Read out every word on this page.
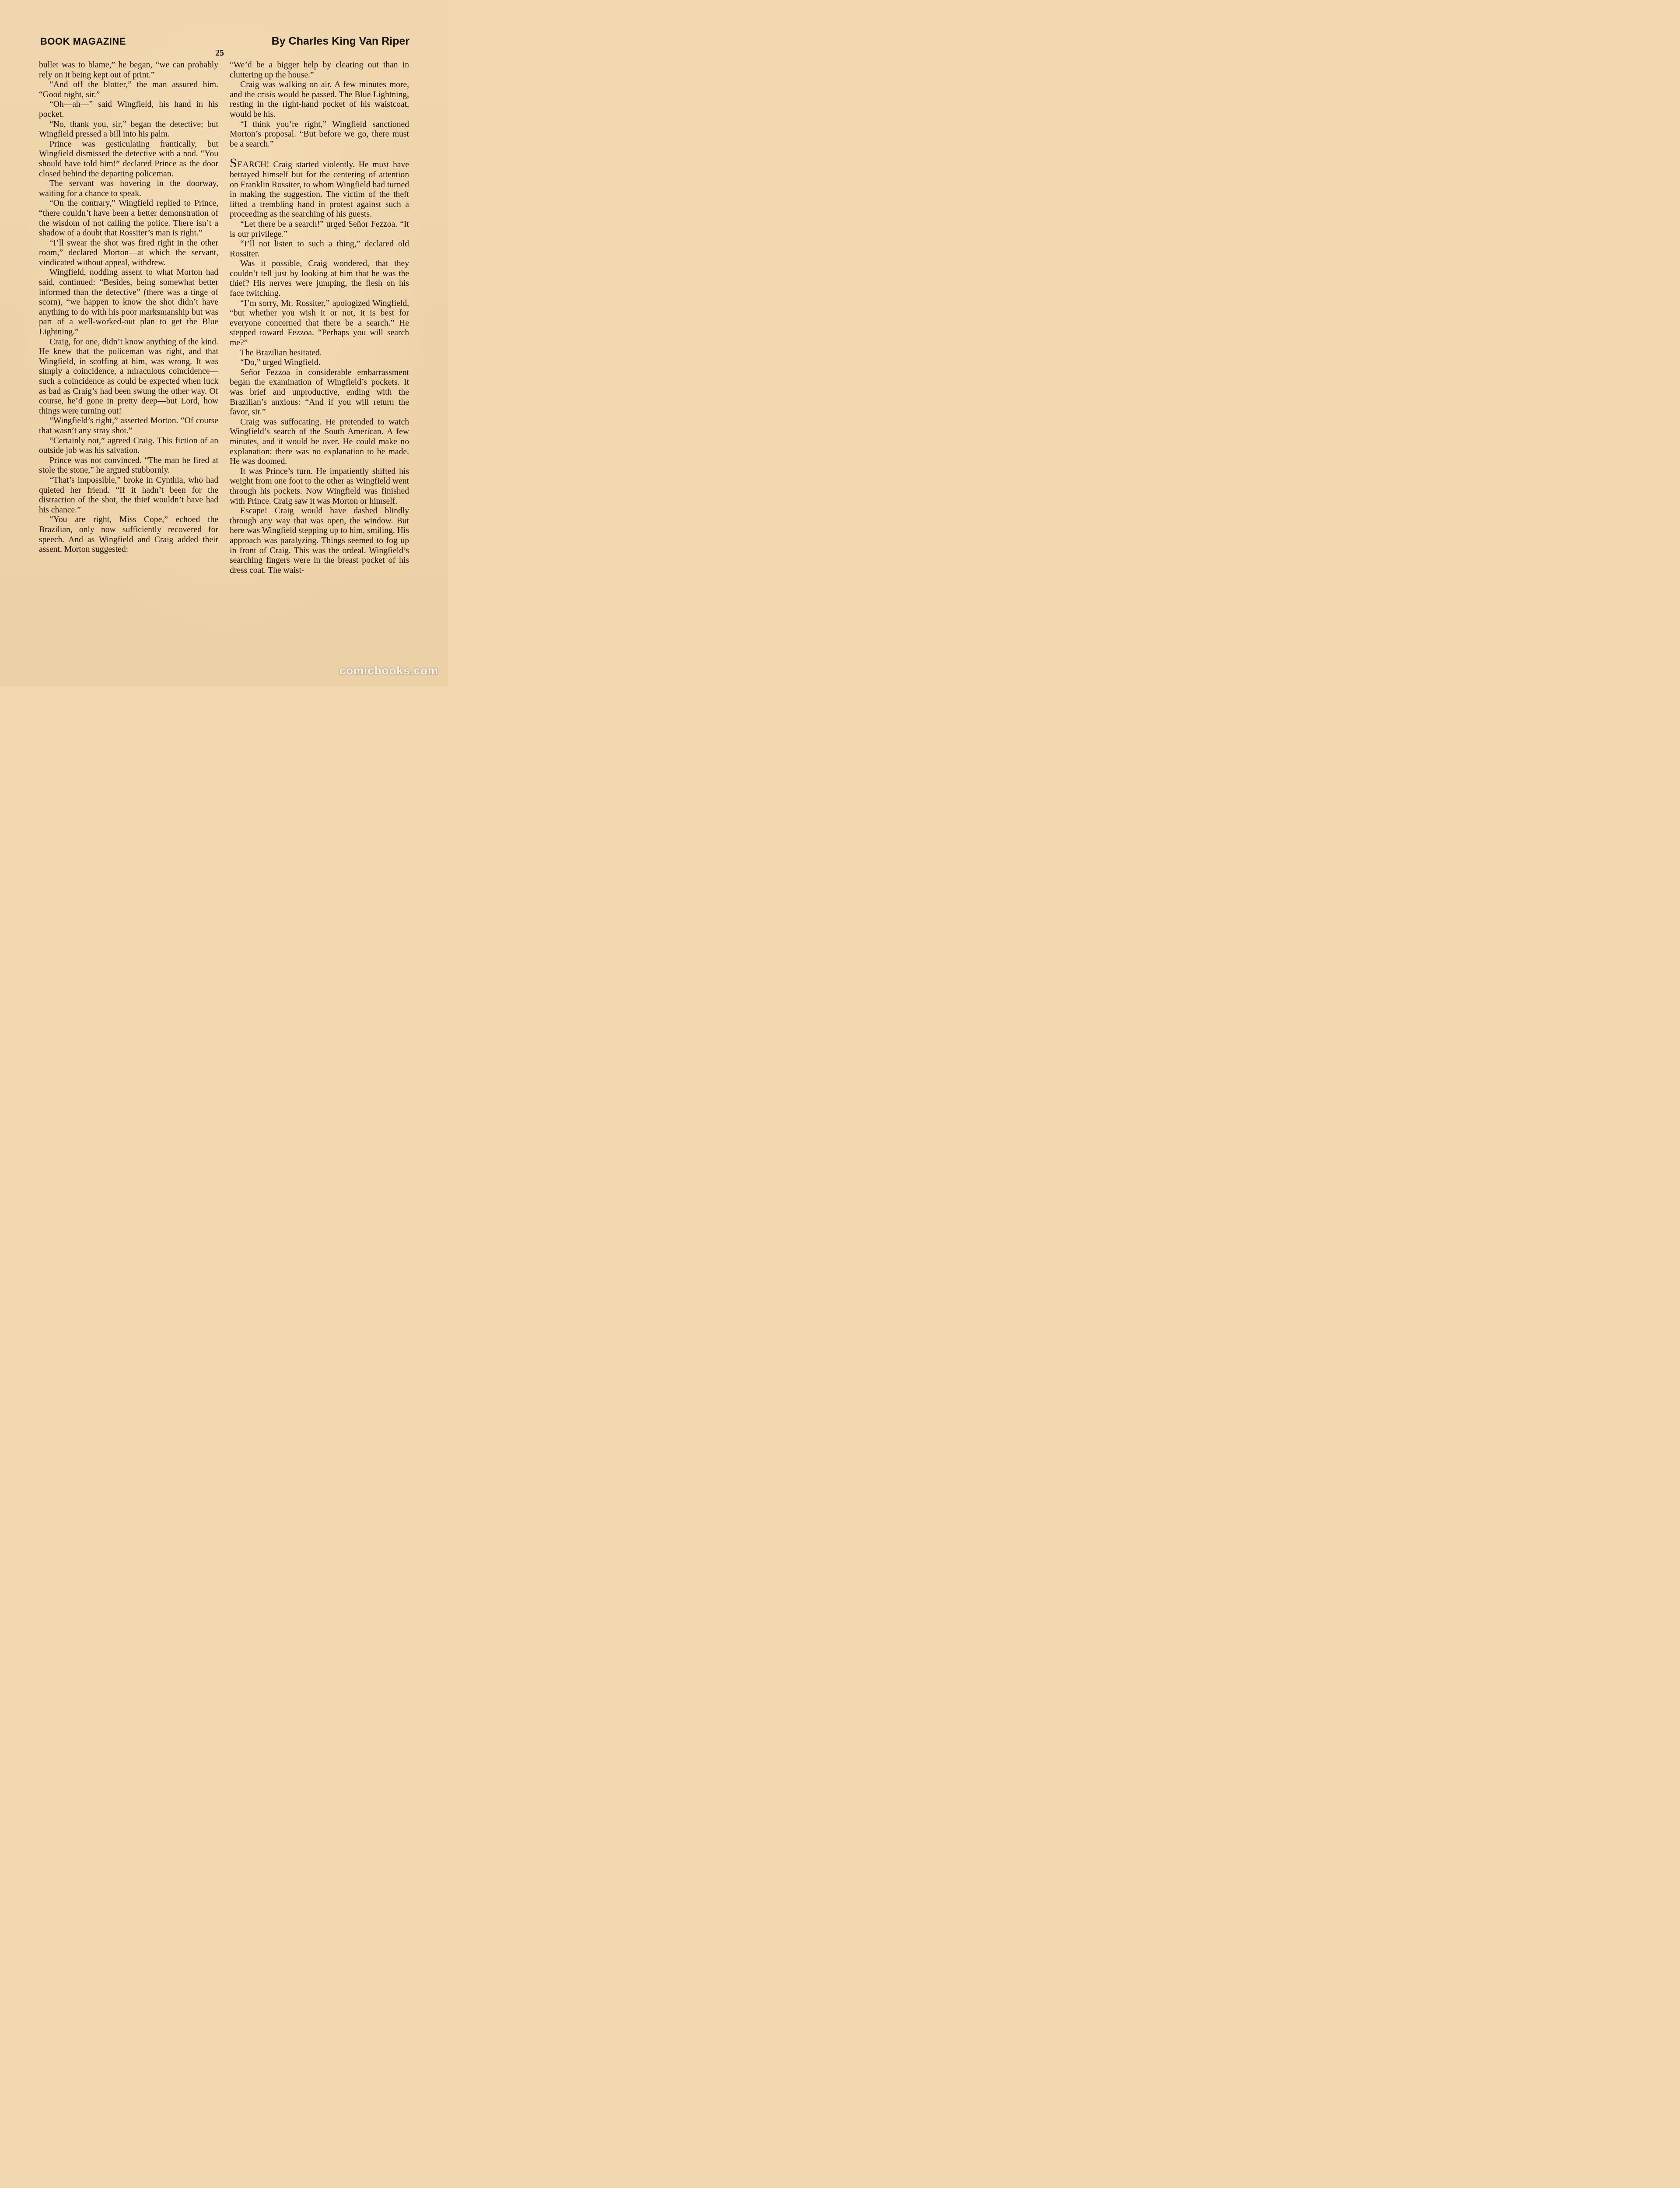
BOOK MAGAZINE	By Charles King Van Riper
25

bullet was to blame,” he began, “we can probably rely on it being kept out of print.”

“And off the blotter,” the man assured him. “Good night, sir.”

“Oh—ah—” said Wingfield, his hand in his pocket.

“No, thank you, sir,” began the detective; but Wingfield pressed a bill into his palm.

Prince was gesticulating frantically, but Wingfield dismissed the detective with a nod. “You should have told him!” declared Prince as the door closed behind the departing policeman.

The servant was hovering in the doorway, waiting for a chance to speak.

“On the contrary,” Wingfield replied to Prince, “there couldn’t have been a better demonstration of the wisdom of not calling the police. There isn’t a shadow of a doubt that Rossiter’s man is right.”

“I’ll swear the shot was fired right in the other room,” declared Morton—at which the servant, vindicated without appeal, withdrew.

Wingfield, nodding assent to what Morton had said, continued: “Besides, being somewhat better informed than the detective” (there was a tinge of scorn), “we happen to know the shot didn’t have anything to do with his poor marksmanship but was part of a well-worked-out plan to get the Blue Lightning.”

Craig, for one, didn’t know anything of the kind. He knew that the policeman was right, and that Wingfield, in scoffing at him, was wrong. It was simply a coincidence, a miraculous coincidence—such a coincidence as could be expected when luck as bad as Craig’s had been swung the other way. Of course, he’d gone in pretty deep—but Lord, how things were turning out!

“Wingfield’s right,” asserted Morton. “Of course that wasn’t any stray shot.”

“Certainly not,” agreed Craig. This fiction of an outside job was his salvation.

Prince was not convinced. “The man he fired at stole the stone,” he argued stubbornly.

“That’s impossible,” broke in Cynthia, who had quieted her friend. “If it hadn’t been for the distraction of the shot, the thief wouldn’t have had his chance.”

“You are right, Miss Cope,” echoed the Brazilian, only now sufficiently recovered for speech. And as Wingfield and Craig added their assent, Morton suggested:

“We’d be a bigger help by clearing out than in cluttering up the house.”

Craig was walking on air. A few minutes more, and the crisis would be passed. The Blue Lightning, resting in the right-hand pocket of his waistcoat, would be his.

“I think you’re right,” Wingfield sanctioned Morton’s proposal. “But before we go, there must be a search.”

SEARCH! Craig started violently. He must have betrayed himself but for the centering of attention on Franklin Rossiter, to whom Wingfield had turned in making the suggestion. The victim of the theft lifted a trembling hand in protest against such a proceeding as the searching of his guests.

“Let there be a search!” urged Señor Fezzoa. “It is our privilege.”

“I’ll not listen to such a thing,” declared old Rossiter.

Was it possible, Craig wondered, that they couldn’t tell just by looking at him that he was the thief? His nerves were jumping, the flesh on his face twitching.

“I’m sorry, Mr. Rossiter,” apologized Wingfield, “but whether you wish it or not, it is best for everyone concerned that there be a search.” He stepped toward Fezzoa. “Perhaps you will search me?”

The Brazilian hesitated.

“Do,” urged Wingfield.

Señor Fezzoa in considerable embarrassment began the examination of Wingfield’s pockets. It was brief and unproductive, ending with the Brazilian’s anxious: “And if you will return the favor, sir.”

Craig was suffocating. He pretended to watch Wingfield’s search of the South American. A few minutes, and it would be over. He could make no explanation: there was no explanation to be made. He was doomed.

It was Prince’s turn. He impatiently shifted his weight from one foot to the other as Wingfield went through his pockets. Now Wingfield was finished with Prince. Craig saw it was Morton or himself.

Escape! Craig would have dashed blindly through any way that was open, the window. But here was Wingfield stepping up to him, smiling. His approach was paralyzing. Things seemed to fog up in front of Craig. This was the ordeal. Wingfield’s searching fingers were in the breast pocket of his dress coat. The waist-

comicbooks.com
